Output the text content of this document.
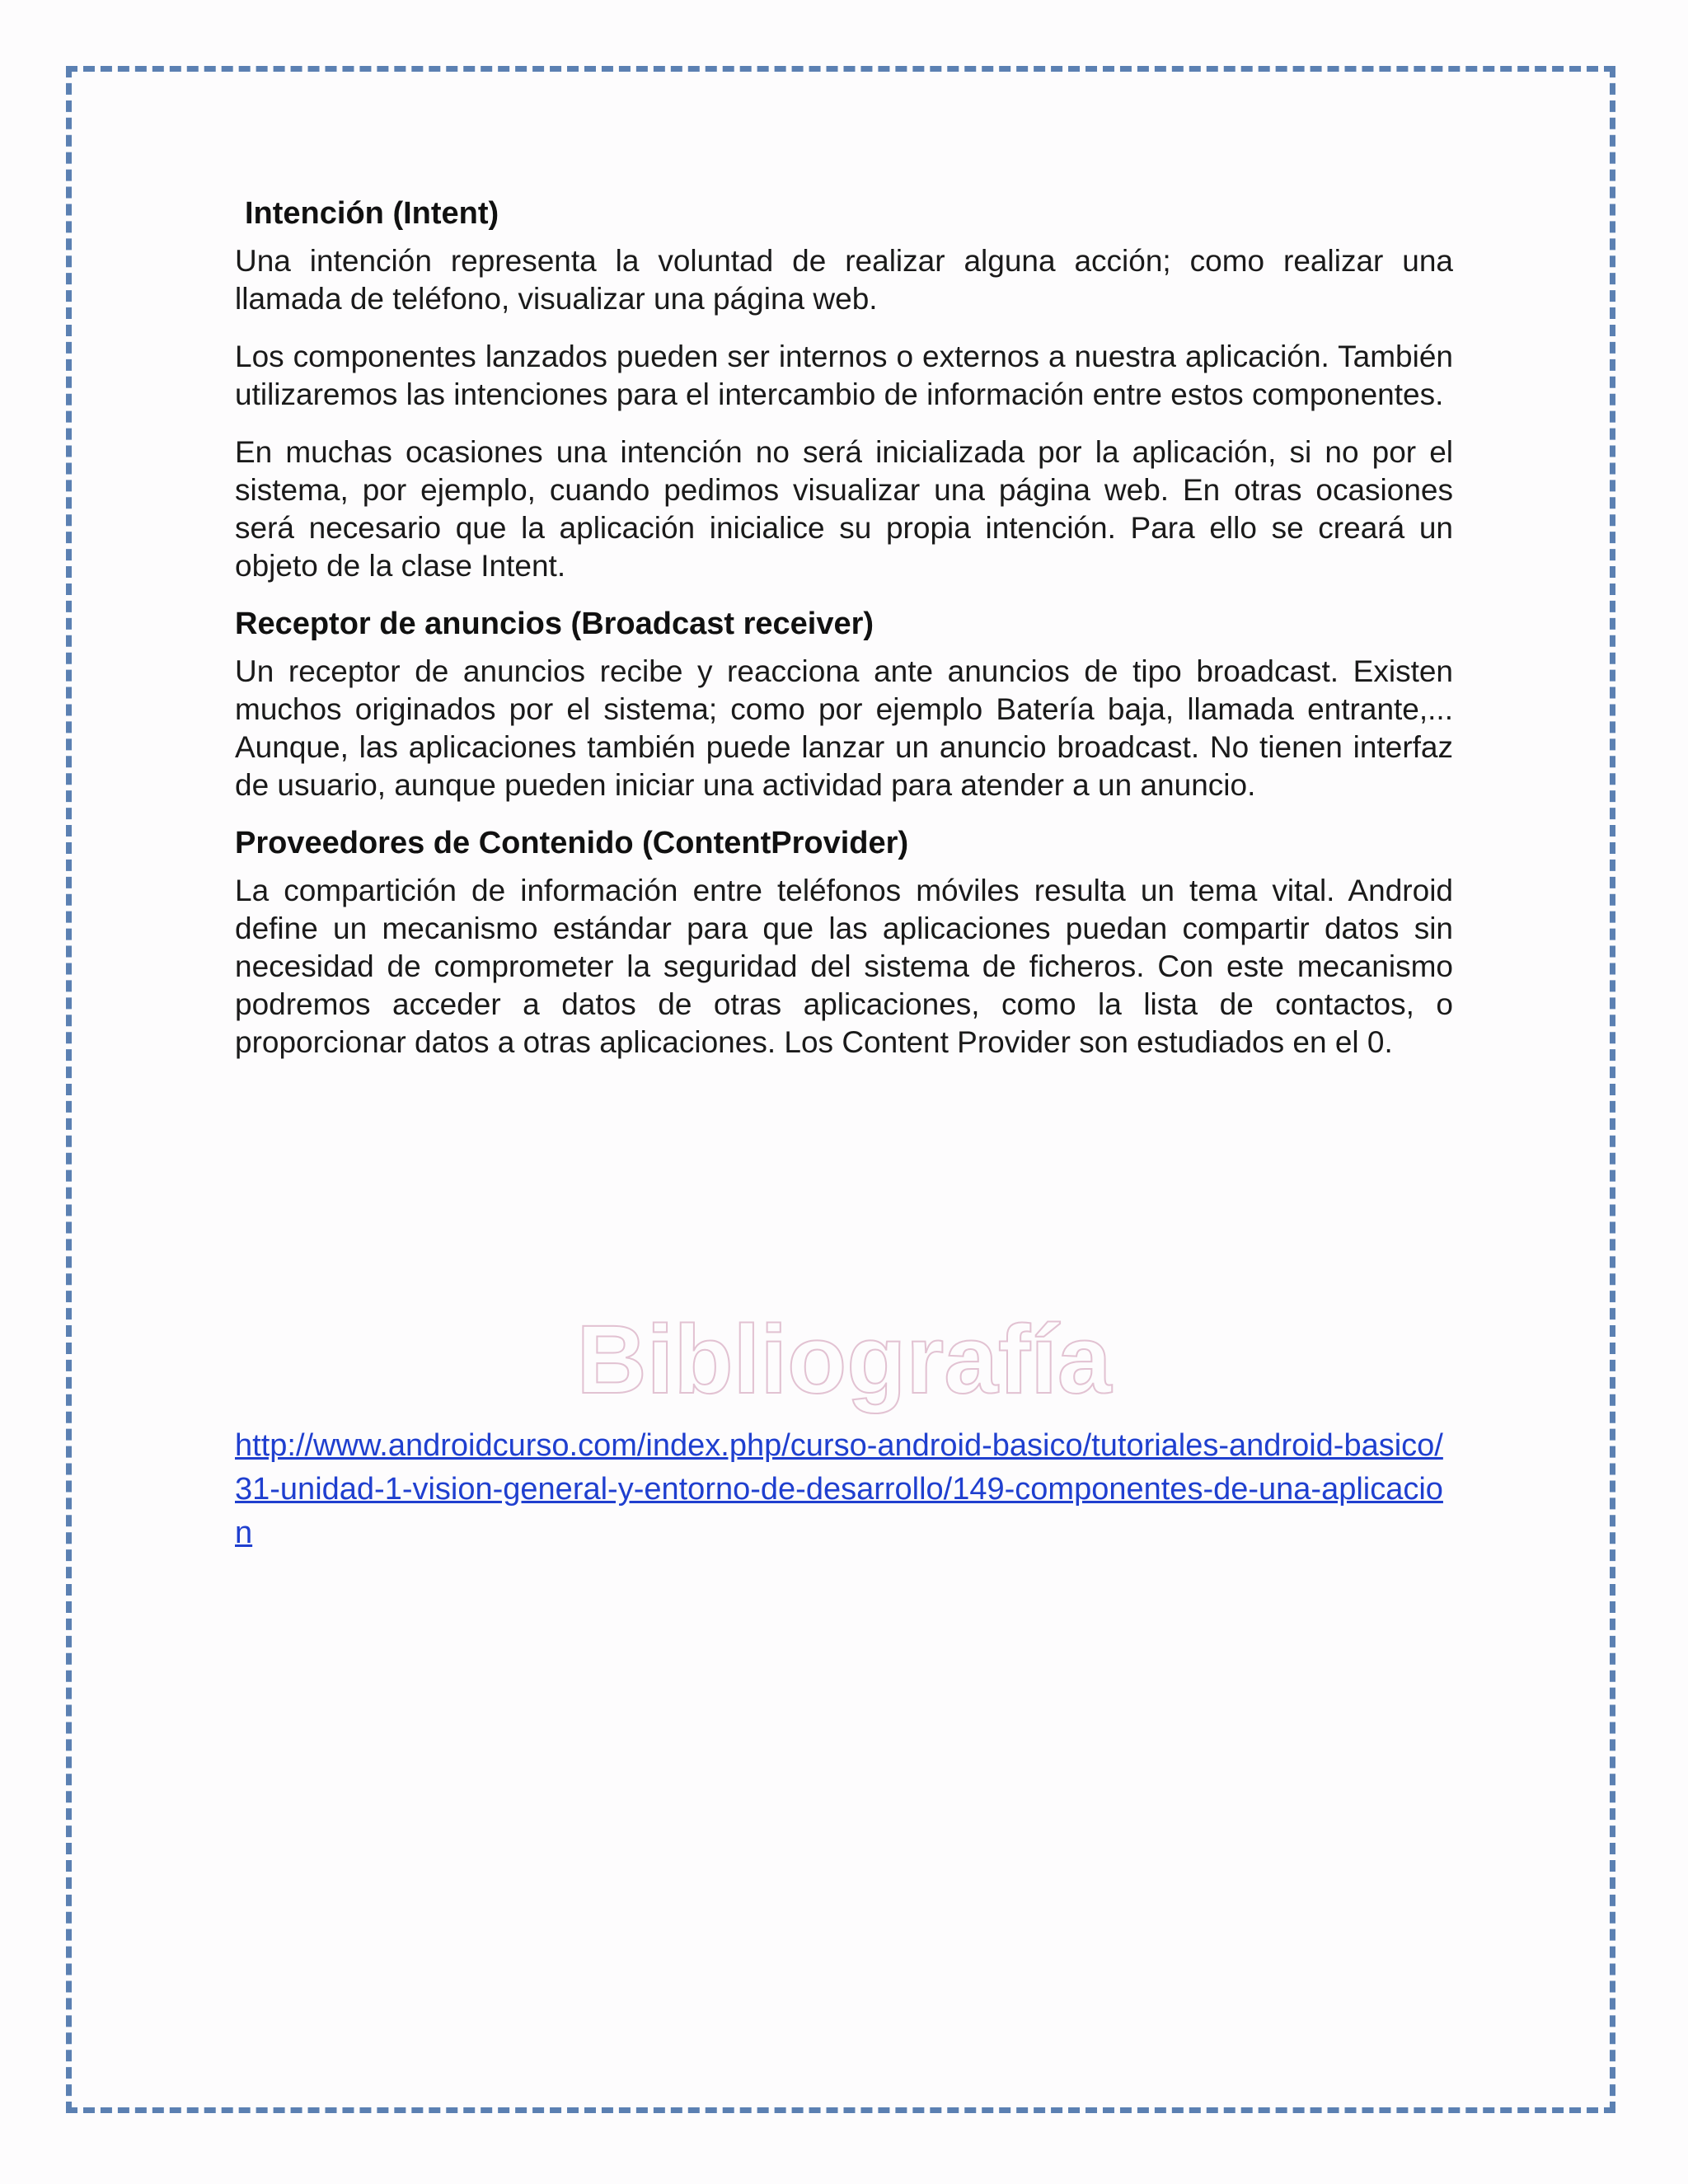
Intención (Intent)

Una intención representa la voluntad de realizar alguna acción; como realizar una llamada de teléfono, visualizar una página web.

Los componentes lanzados pueden ser internos o externos a nuestra aplicación. También utilizaremos las intenciones para el intercambio de información entre estos componentes.

En muchas ocasiones una intención no será inicializada por la aplicación, si no por el sistema, por ejemplo, cuando pedimos visualizar una página web. En otras ocasiones será necesario que la aplicación inicialice su propia intención. Para ello se creará un objeto de la clase Intent.

Receptor de anuncios (Broadcast receiver)

Un receptor de anuncios recibe y reacciona ante anuncios de tipo broadcast. Existen muchos originados por el sistema; como por ejemplo Batería baja, llamada entrante,... Aunque, las aplicaciones también puede lanzar un anuncio broadcast. No tienen interfaz de usuario, aunque pueden iniciar una actividad para atender a un anuncio.

Proveedores de Contenido (ContentProvider)

La compartición de información entre teléfonos móviles resulta un tema vital. Android define un mecanismo estándar para que las aplicaciones puedan compartir datos sin necesidad de comprometer la seguridad del sistema de ficheros. Con este mecanismo podremos acceder a datos de otras aplicaciones, como la lista de contactos, o proporcionar datos a otras aplicaciones. Los Content Provider son estudiados en el 0.

Bibliografía
http://www.androidcurso.com/index.php/curso-android-basico/tutoriales-android-basico/31-unidad-1-vision-general-y-entorno-de-desarrollo/149-componentes-de-una-aplicacion
